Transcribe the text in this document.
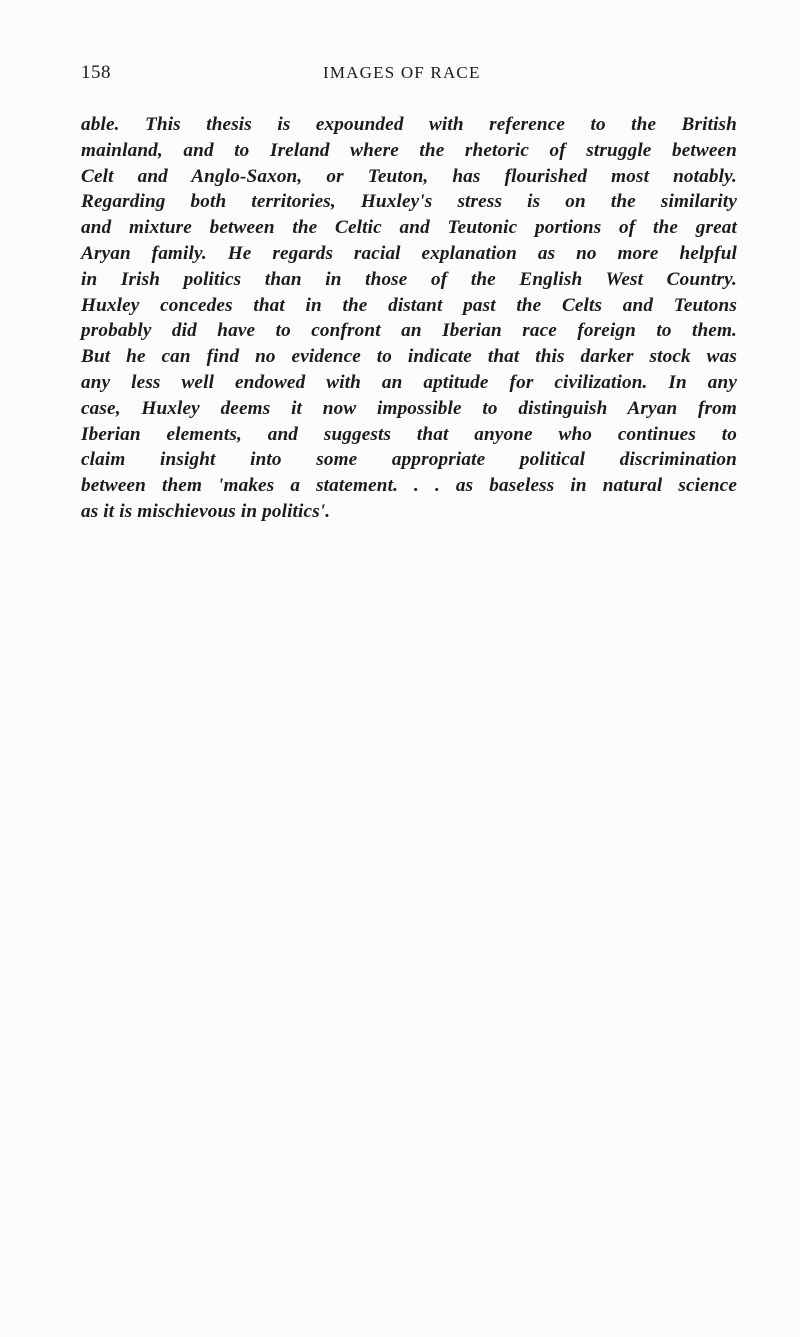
158	IMAGES OF RACE
able. This thesis is expounded with reference to the British
mainland, and to Ireland where the rhetoric of struggle between
Celt and Anglo-Saxon, or Teuton, has flourished most notably.
Regarding both territories, Huxley's stress is on the similarity
and mixture between the Celtic and Teutonic portions of the great
Aryan family. He regards racial explanation as no more helpful
in Irish politics than in those of the English West Country.
Huxley concedes that in the distant past the Celts and Teutons
probably did have to confront an Iberian race foreign to them.
But he can find no evidence to indicate that this darker stock was
any less well endowed with an aptitude for civilization. In any
case, Huxley deems it now impossible to distinguish Aryan from
Iberian elements, and suggests that anyone who continues to
claim insight into some appropriate political discrimination
between them 'makes a statement. . . as baseless in natural science
as it is mischievous in politics'.
